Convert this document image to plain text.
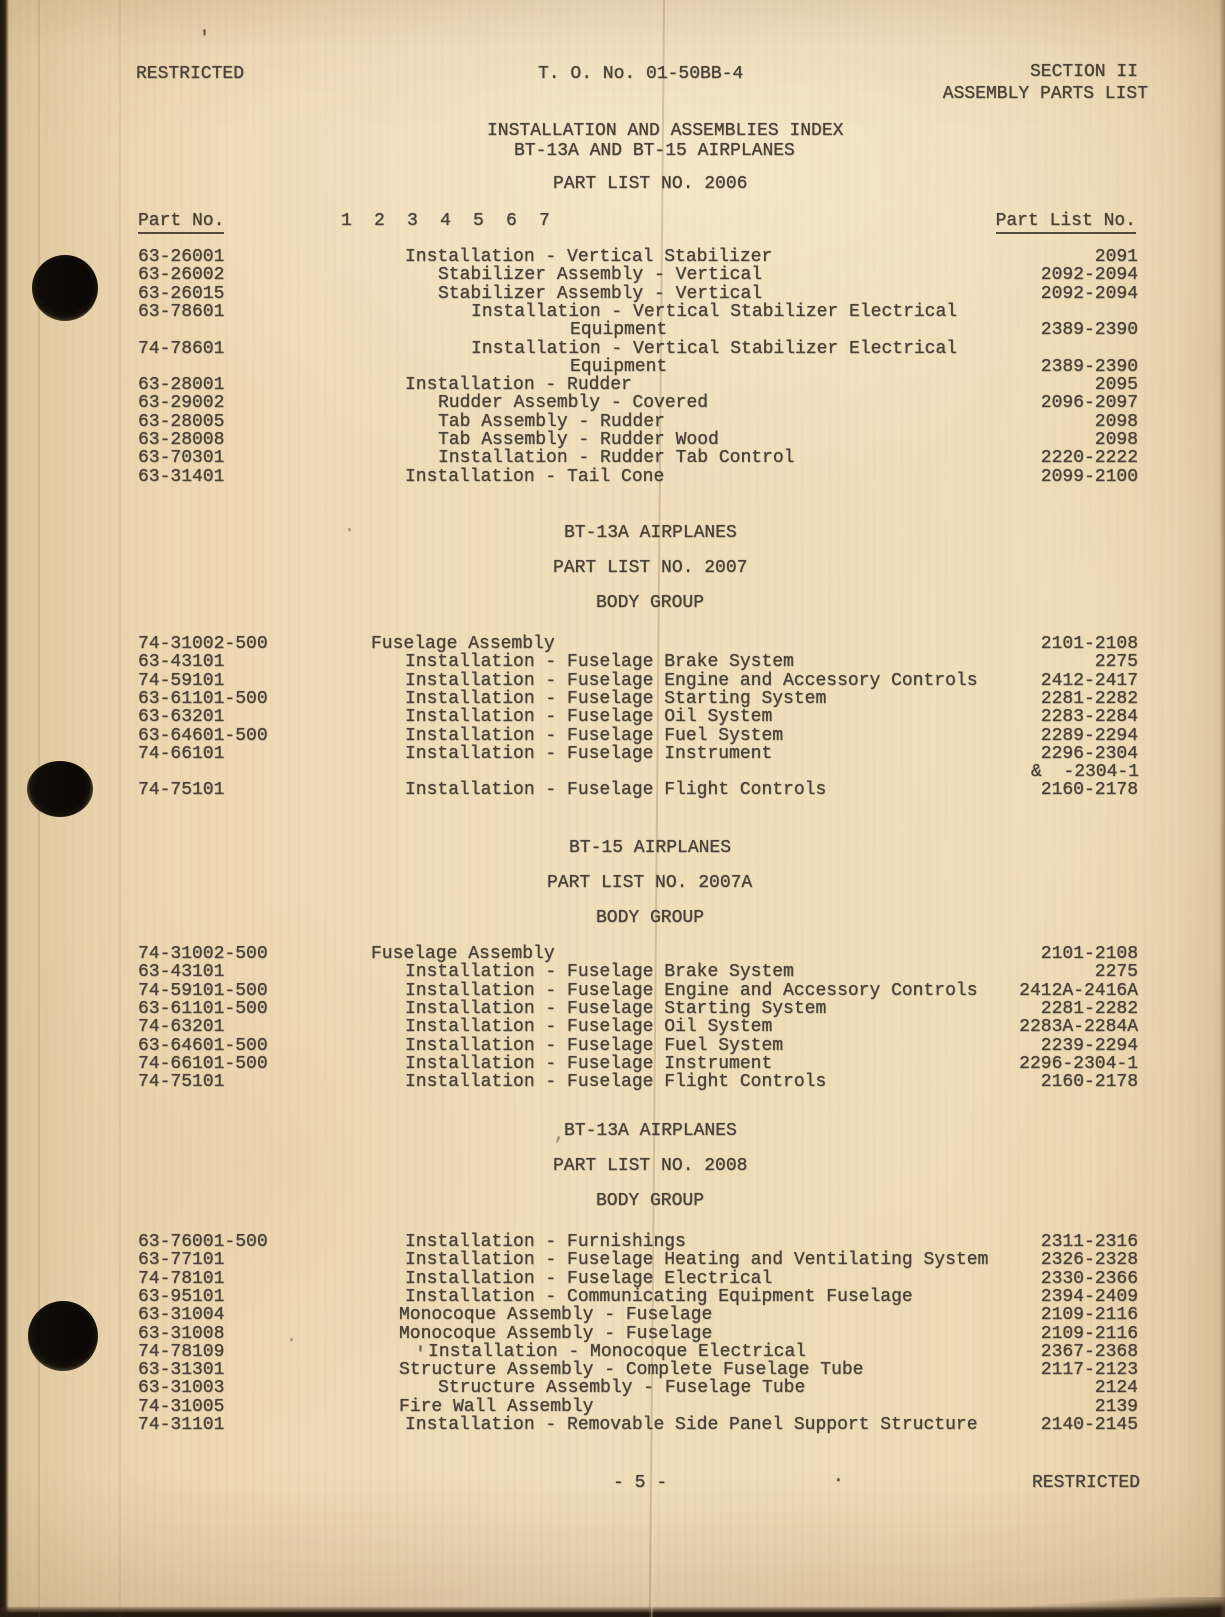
RESTRICTED	T. O. No. 01-50BB-4	SECTION II
ASSEMBLY PARTS LIST
INSTALLATION AND ASSEMBLIES INDEX
BT-13A AND BT-15 AIRPLANES
Part No.	1 2 3 4 5 6 7	Part List No.
PART LIST NO. 2006
63-26001	Installation - Vertical Stabilizer	2091
63-26002	Stabilizer Assembly - Vertical	2092-2094
63-26015	Stabilizer Assembly - Vertical	2092-2094
63-78601	Installation - Vertical Stabilizer Electrical
Equipment	2389-2390
74-78601	Installation - Vertical Stabilizer Electrical
Equipment	2389-2390
63-28001	Installation - Rudder	2095
63-29002	Rudder Assembly - Covered	2096-2097
63-28005	Tab Assembly - Rudder	2098
63-28008	Tab Assembly - Rudder Wood	2098
63-70301	Installation - Rudder Tab Control	2220-2222
63-31401	Installation - Tail Cone	2099-2100
BT-13A AIRPLANES
PART LIST NO. 2007
BODY GROUP
74-31002-500	Fuselage Assembly	2101-2108
63-43101	Installation - Fuselage Brake System	2275
74-59101	Installation - Fuselage Engine and Accessory Controls	2412-2417
63-61101-500	Installation - Fuselage Starting System	2281-2282
63-63201	Installation - Fuselage Oil System	2283-2284
63-64601-500	Installation - Fuselage Fuel System	2289-2294
74-66101	Installation - Fuselage Instrument	2296-2304
&  -2304-1
74-75101	Installation - Fuselage Flight Controls	2160-2178
BT-15 AIRPLANES
PART LIST NO. 2007A
BODY GROUP
74-31002-500	Fuselage Assembly	2101-2108
63-43101	Installation - Fuselage Brake System	2275
74-59101-500	Installation - Fuselage Engine and Accessory Controls	2412A-2416A
63-61101-500	Installation - Fuselage Starting System	2281-2282
74-63201	Installation - Fuselage Oil System	2283A-2284A
63-64601-500	Installation - Fuselage Fuel System	2239-2294
74-66101-500	Installation - Fuselage Instrument	2296-2304-1
74-75101	Installation - Fuselage Flight Controls	2160-2178
BT-13A AIRPLANES
PART LIST NO. 2008
BODY GROUP
63-76001-500	Installation - Furnishings	2311-2316
63-77101	Installation - Fuselage Heating and Ventilating System	2326-2328
74-78101	Installation - Fuselage Electrical	2330-2366
63-95101	Installation - Communicating Equipment Fuselage	2394-2409
63-31004	Monocoque Assembly - Fuselage	2109-2116
63-31008	Monocoque Assembly - Fuselage	2109-2116
74-78109	Installation - Monocoque Electrical	2367-2368
63-31301	Structure Assembly - Complete Fuselage Tube	2117-2123
63-31003	Structure Assembly - Fuselage Tube	2124
74-31005	Fire Wall Assembly	2139
74-31101	Installation - Removable Side Panel Support Structure	2140-2145
- 5 -	RESTRICTED
'
'
.
,
.
.
